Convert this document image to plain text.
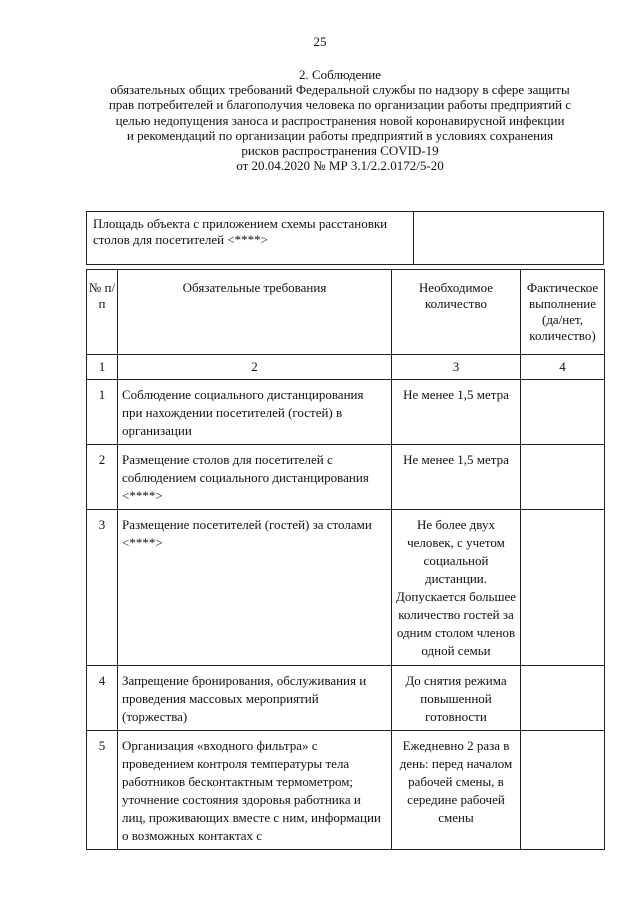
25
2. Соблюдение
обязательных общих требований Федеральной службы по надзору в сфере защиты
прав потребителей и благополучия человека по организации работы предприятий с
целью недопущения заноса и распространения новой коронавирусной инфекции
и рекомендаций по организации работы предприятий в условиях сохранения
рисков распространения COVID-19
от 20.04.2020 № МР 3.1/2.2.0172/5-20
Площадь объекта с приложением схемы расстановки столов для посетителей <****>	
№ п/п	Обязательные требования	Необходимое количество	Фактическое выполнение (да/нет, количество)
1	2	3	4
1	Соблюдение социального дистанцирования при нахождении посетителей (гостей) в организации	Не менее 1,5 метра	
2	Размещение столов для посетителей с соблюдением социального дистанцирования <****>	Не менее 1,5 метра	
3	Размещение посетителей (гостей) за столами <****>	Не более двух человек, с учетом социальной дистанции. Допускается большее количество гостей за одним столом членов одной семьи	
4	Запрещение бронирования, обслуживания и проведения массовых мероприятий (торжества)	До снятия режима повышенной готовности	
5	Организация «входного фильтра» с проведением контроля температуры тела работников бесконтактным термометром; уточнение состояния здоровья работника и лиц, проживающих вместе с ним, информации о возможных контактах с	Ежедневно 2 раза в день: перед началом рабочей смены, в середине рабочей смены	
